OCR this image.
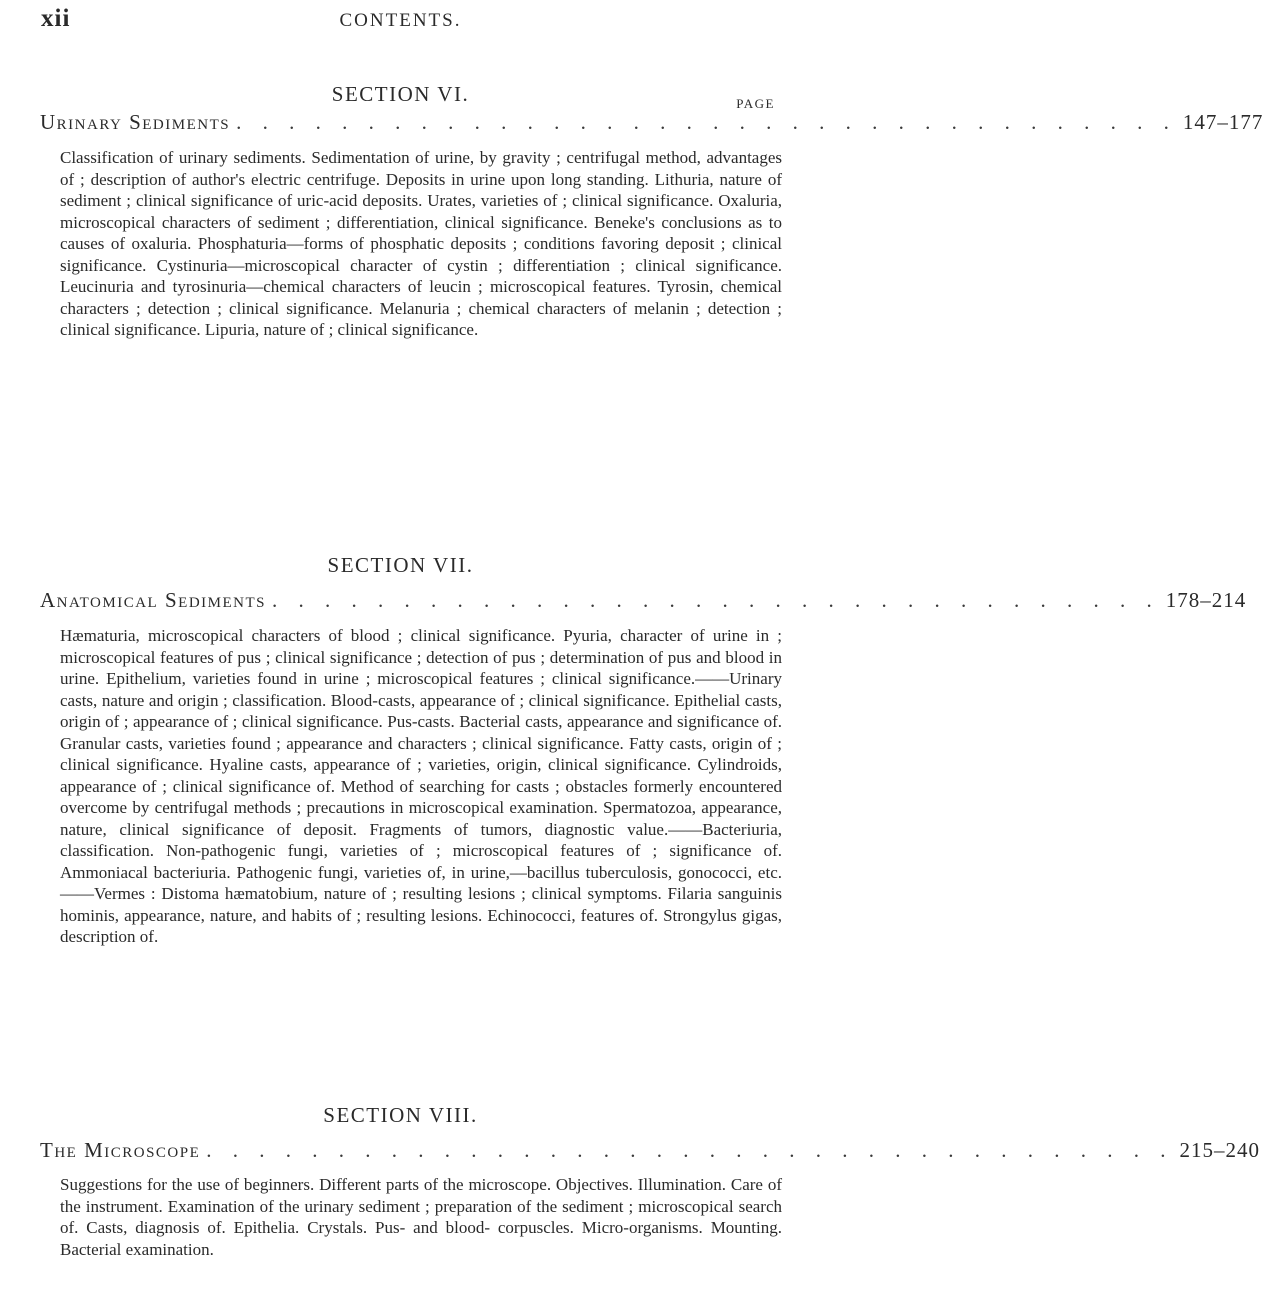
xii	CONTENTS.
SECTION VI.	PAGE
Urinary Sediments . . . . . . . . . . . . . . . . . . . . . . . . . . . . . . . . . . . . 147–177

Classification of urinary sediments. Sedimentation of urine, by gravity ; centrifugal method, advantages of ; description of author's electric centrifuge. Deposits in urine upon long standing. Lithuria, nature of sediment ; clinical significance of uric-acid deposits. Urates, varieties of ; clinical significance. Oxaluria, microscopical characters of sediment ; differentiation, clinical significance. Beneke's conclusions as to causes of oxaluria. Phosphaturia—forms of phosphatic deposits ; conditions favoring deposit ; clinical significance. Cystinuria—microscopical character of cystin ; differentiation ; clinical significance. Leucinuria and tyrosinuria—chemical characters of leucin ; microscopical features. Tyrosin, chemical characters ; detection ; clinical significance. Melanuria ; chemical characters of melanin ; detection ; clinical significance. Lipuria, nature of ; clinical significance.

SECTION VII.
Anatomical Sediments . . . . . . . . . . . . . . . . . . . . . . . . . . . . . . . . . . 178–214

Hæmaturia, microscopical characters of blood ; clinical significance. Pyuria, character of urine in ; microscopical features of pus ; clinical significance ; detection of pus ; determination of pus and blood in urine. Epithelium, varieties found in urine ; microscopical features ; clinical significance.——Urinary casts, nature and origin ; classification. Blood-casts, appearance of ; clinical significance. Epithelial casts, origin of ; appearance of ; clinical significance. Pus-casts. Bacterial casts, appearance and significance of. Granular casts, varieties found ; appearance and characters ; clinical significance. Fatty casts, origin of ; clinical significance. Hyaline casts, appearance of ; varieties, origin, clinical significance. Cylindroids, appearance of ; clinical significance of. Method of searching for casts ; obstacles formerly encountered overcome by centrifugal methods ; precautions in microscopical examination. Spermatozoa, appearance, nature, clinical significance of deposit. Fragments of tumors, diagnostic value.——Bacteriuria, classification. Non-pathogenic fungi, varieties of ; microscopical features of ; significance of. Ammoniacal bacteriuria. Pathogenic fungi, varieties of, in urine,—bacillus tuberculosis, gonococci, etc.——Vermes : Distoma hæmatobium, nature of ; resulting lesions ; clinical symptoms. Filaria sanguinis hominis, appearance, nature, and habits of ; resulting lesions. Echinococci, features of. Strongylus gigas, description of.

SECTION VIII.
The Microscope . . . . . . . . . . . . . . . . . . . . . . . . . . . . . . . . . . . . . 215–240

Suggestions for the use of beginners. Different parts of the microscope. Objectives. Illumination. Care of the instrument. Examination of the urinary sediment ; preparation of the sediment ; microscopical search of. Casts, diagnosis of. Epithelia. Crystals. Pus- and blood- corpuscles. Micro-organisms. Mounting. Bacterial examination.
